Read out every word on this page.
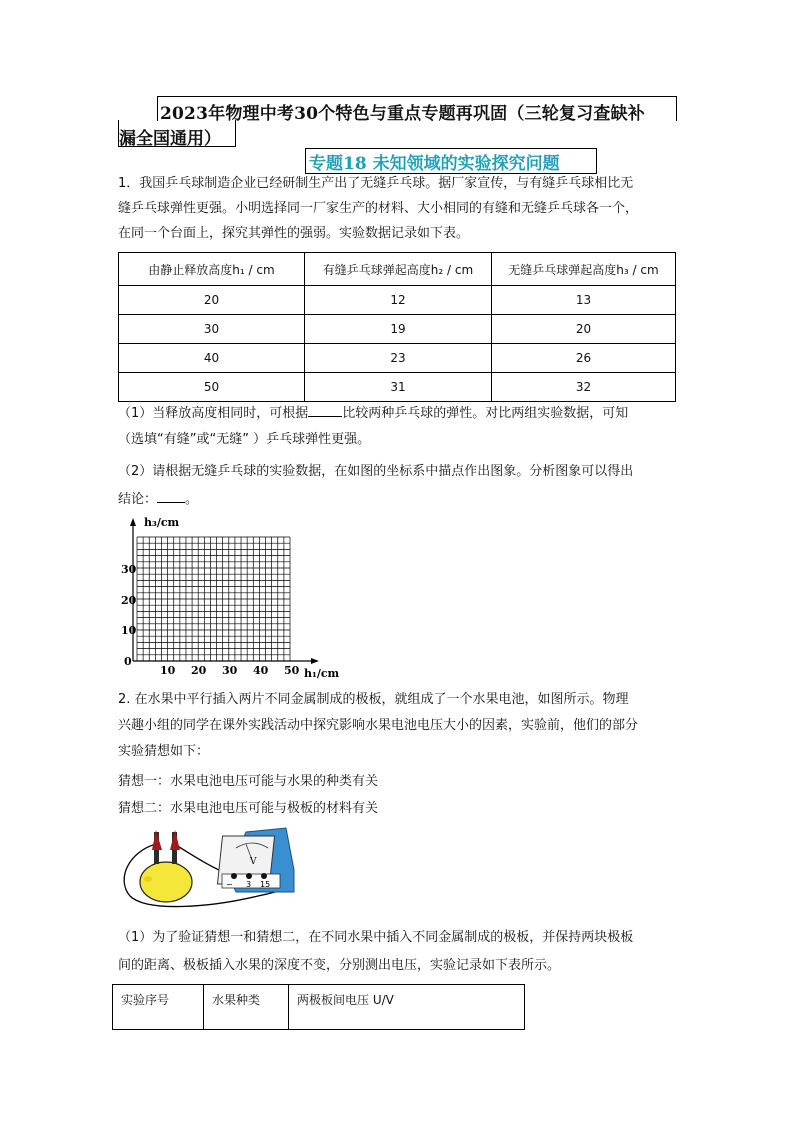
2023年物理中考30个特色与重点专题再巩固（三轮复习查缺补
漏全国通用）
专题18 未知领域的实验探究问题
1．我国乒乓球制造企业已经研制生产出了无缝乒乓球。据厂家宣传，与有缝乒乓球相比无
缝乒乓球弹性更强。小明选择同一厂家生产的材料、大小相同的有缝和无缝乒乓球各一个，
在同一个台面上，探究其弹性的强弱。实验数据记录如下表。
由静止释放高度h₁ / cm	有缝乒乓球弹起高度h₂ / cm	无缝乒乓球弹起高度h₃ / cm
20	12	13
30	19	20
40	23	26
50	31	32
（1）当释放高度相同时，可根据	比较两种乒乓球的弹性。对比两组实验数据，可知
（选填“有缝”或“无缝” ）乒乓球弹性更强。
（2）请根据无缝乒乓球的实验数据，在如图的坐标系中描点作出图象。分析图象可以得出
结论： 。
h₃/cm
h₁/cm
30
20
10
0
10 20 30 40 50
2. 在水果中平行插入两片不同金属制成的极板，就组成了一个水果电池，如图所示。物理
兴趣小组的同学在课外实践活动中探究影响水果电池电压大小的因素，实验前，他们的部分
实验猜想如下：
猜想一：水果电池电压可能与水果的种类有关
猜想二：水果电池电压可能与极板的材料有关
V
− 3 15
（1）为了验证猜想一和猜想二，在不同水果中插入不同金属制成的极板，并保持两块极板
间的距离、极板插入水果的深度不变，分别测出电压，实验记录如下表所示。
实验序号	水果种类	两极板间电压 U/V
